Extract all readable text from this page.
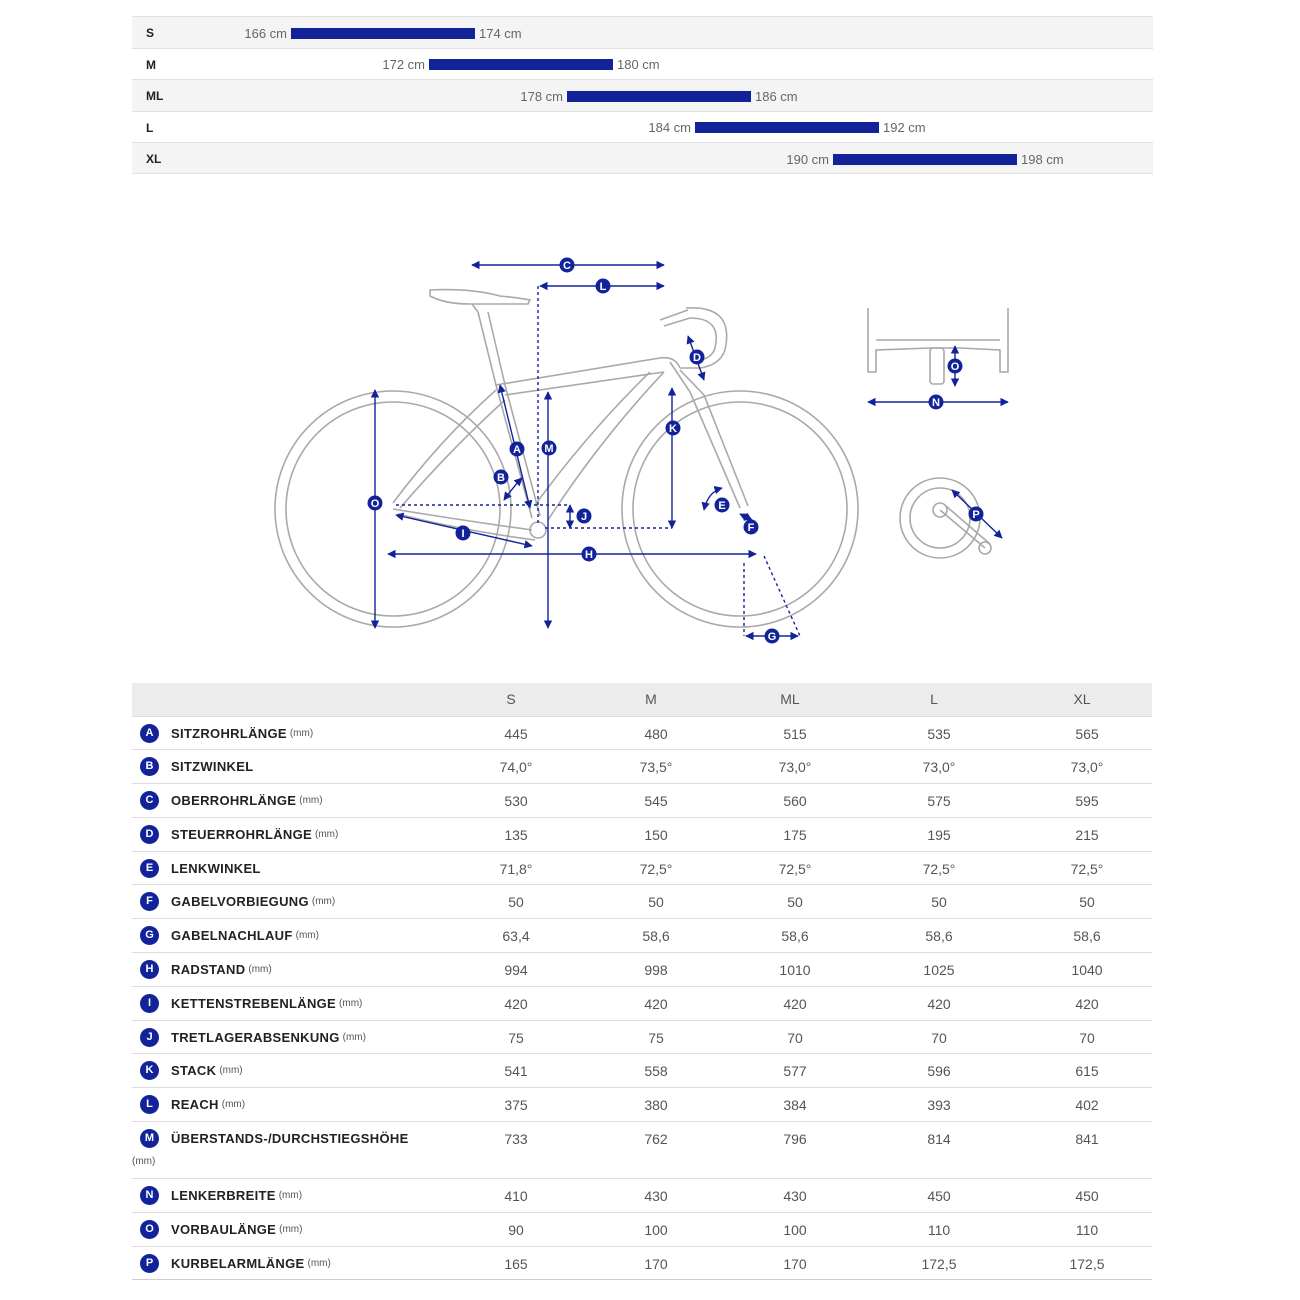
S	166 cm	174 cm
M	172 cm	180 cm
ML	178 cm	186 cm
L	184 cm	192 cm
XL	190 cm	198 cm
A
B
C
D
E
F
G
H
I
J
K
L
M
N
O
O
P
	S	M	ML	L	XL
A SITZROHRLÄNGE (mm)	445	480	515	535	565
B SITZWINKEL	74,0°	73,5°	73,0°	73,0°	73,0°
C OBERROHRLÄNGE (mm)	530	545	560	575	595
D STEUERROHRLÄNGE (mm)	135	150	175	195	215
E LENKWINKEL	71,8°	72,5°	72,5°	72,5°	72,5°
F GABELVORBIEGUNG (mm)	50	50	50	50	50
G GABELNACHLAUF (mm)	63,4	58,6	58,6	58,6	58,6
H RADSTAND (mm)	994	998	1010	1025	1040
I KETTENSTREBENLÄNGE (mm)	420	420	420	420	420
J TRETLAGERABSENKUNG (mm)	75	75	70	70	70
K STACK (mm)	541	558	577	596	615
L REACH (mm)	375	380	384	393	402
M ÜBERSTANDS-/DURCHSTIEGSHÖHE
(mm)	733	762	796	814	841
N LENKERBREITE (mm)	410	430	430	450	450
O VORBAULÄNGE (mm)	90	100	100	110	110
P KURBELARMLÄNGE (mm)	165	170	170	172,5	172,5
